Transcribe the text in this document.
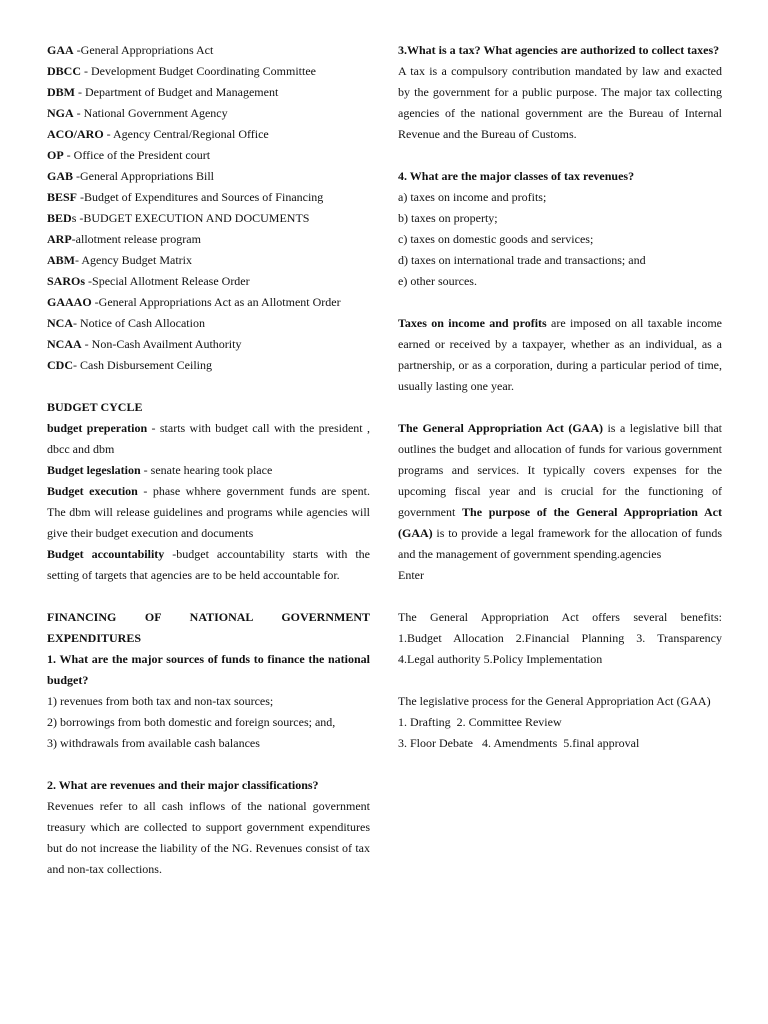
GAA -General Appropriations Act

DBCC - Development Budget Coordinating Committee

DBM - Department of Budget and Management

NGA - National Government Agency

ACO/ARO - Agency Central/Regional Office

OP - Office of the President court

GAB -General Appropriations Bill

BESF -Budget of Expenditures and Sources of Financing

BEDs -BUDGET EXECUTION AND DOCUMENTS

ARP-allotment release program

ABM- Agency Budget Matrix

SAROs -Special Allotment Release Order

GAAAO -General Appropriations Act as an Allotment Order

NCA- Notice of Cash Allocation

NCAA - Non-Cash Availment Authority

CDC- Cash Disbursement Ceiling

BUDGET CYCLE

budget preperation - starts with budget call with the president , dbcc and dbm

Budget legeslation - senate hearing took place

Budget execution - phase whhere government funds are spent. The dbm will release guidelines and programs while agencies will give their budget execution and documents

Budget accountability -budget accountability starts with the setting of targets that agencies are to be held accountable for.

FINANCING OF NATIONAL GOVERNMENT

EXPENDITURES

1. What are the major sources of funds to finance the national budget?

1) revenues from both tax and non-tax sources;

2) borrowings from both domestic and foreign sources; and,

3) withdrawals from available cash balances

2. What are revenues and their major classifications?

Revenues refer to all cash inflows of the national government treasury which are collected to support government expenditures but do not increase the liability of the NG. Revenues consist of tax and non-tax collections.

3.What is a tax? What agencies are authorized to collect taxes?

A tax is a compulsory contribution mandated by law and exacted by the government for a public purpose. The major tax collecting agencies of the national government are the Bureau of Internal Revenue and the Bureau of Customs.

4. What are the major classes of tax revenues?

a) taxes on income and profits;

b) taxes on property;

c) taxes on domestic goods and services;

d) taxes on international trade and transactions; and

e) other sources.

Taxes on income and profits are imposed on all taxable income earned or received by a taxpayer, whether as an individual, as a partnership, or as a corporation, during a particular period of time, usually lasting one year.

The General Appropriation Act (GAA) is a legislative bill that outlines the budget and allocation of funds for various government programs and services. It typically covers expenses for the upcoming fiscal year and is crucial for the functioning of government The purpose of the General Appropriation Act (GAA) is to provide a legal framework for the allocation of funds and the management of government spending.agencies

Enter

The General Appropriation Act offers several benefits:

1.Budget Allocation 2.Financial Planning 3. Transparency

4.Legal authority 5.Policy Implementation

The legislative process for the General Appropriation Act (GAA)

1. Drafting  2. Committee Review

3. Floor Debate   4. Amendments  5.final approval
